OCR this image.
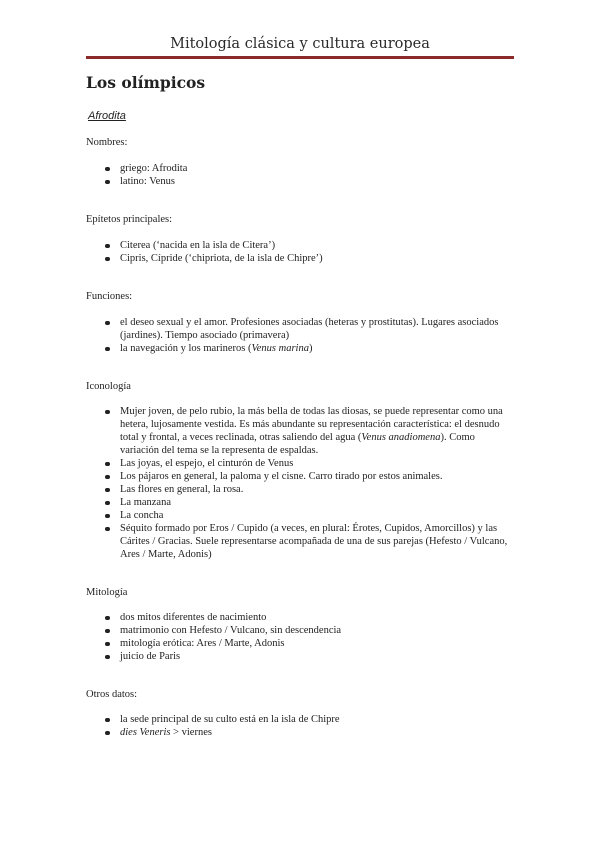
Mitología clásica y cultura europea
Los olímpicos
Afrodita
Nombres:
griego: Afrodita
latino: Venus
Epítetos principales:
Citerea (‘nacida en la isla de Citera’)
Cipris, Cípride (‘chipriota, de la isla de Chipre’)
Funciones:
el deseo sexual y el amor. Profesiones asociadas (heteras y prostitutas). Lugares asociados (jardines). Tiempo asociado (primavera)
la navegación y los marineros (Venus marina)
Iconología
Mujer joven, de pelo rubio, la más bella de todas las diosas, se puede representar como una hetera, lujosamente vestida. Es más abundante su representación característica: el desnudo total y frontal, a veces reclinada, otras saliendo del agua (Venus anadiomena). Como variación del tema se la representa de espaldas.
Las joyas, el espejo, el cinturón de Venus
Los pájaros en general, la paloma y el cisne. Carro tirado por estos animales.
Las flores en general, la rosa.
La manzana
La concha
Séquito formado por Eros / Cupido (a veces, en plural: Érotes, Cupidos, Amorcillos) y las Cárites / Gracias. Suele representarse acompañada de una de sus parejas (Hefesto / Vulcano, Ares / Marte, Adonis)
Mitología
dos mitos diferentes de nacimiento
matrimonio con Hefesto / Vulcano, sin descendencia
mitología erótica: Ares / Marte, Adonis
juicio de Paris
Otros datos:
la sede principal de su culto está en la isla de Chipre
dies Veneris > viernes
